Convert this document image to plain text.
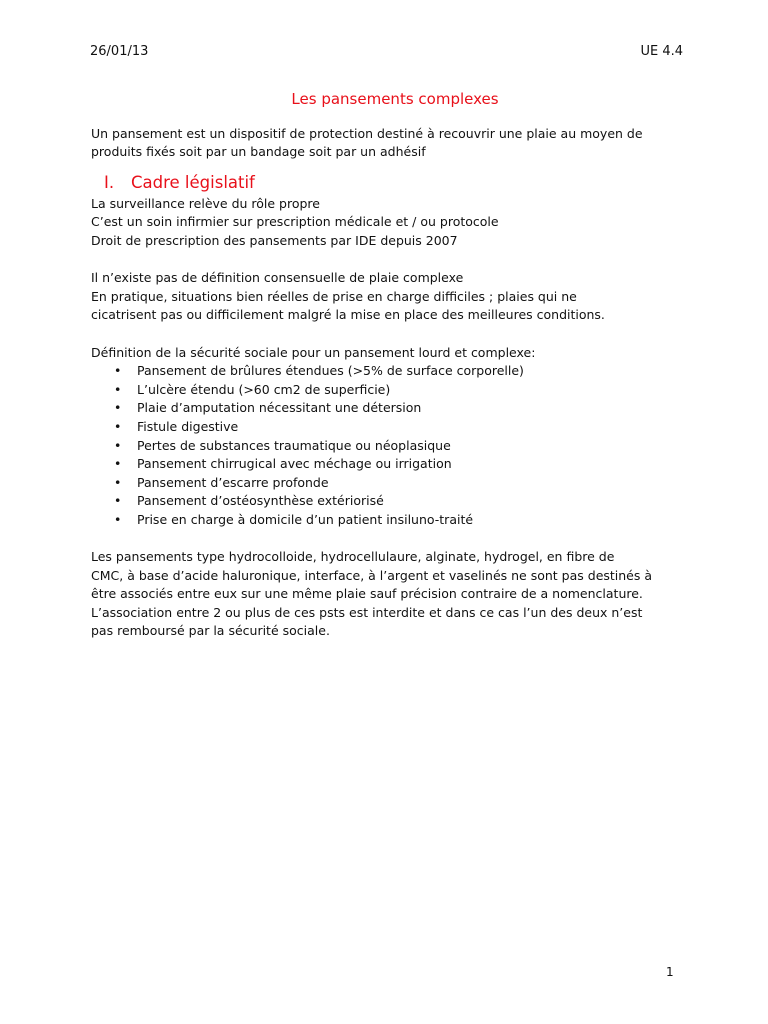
26/01/13	UE 4.4
Les pansements complexes

Un pansement est un dispositif de protection destiné à recouvrir une plaie au moyen de

produits fixés soit par un bandage soit par un adhésif

I.	Cadre législatif

La surveillance relève du rôle propre

C’est un soin infirmier sur prescription médicale et / ou protocole

Droit de prescription des pansements par IDE depuis 2007

Il n’existe pas de définition consensuelle de plaie complexe

En pratique, situations bien réelles de prise en charge difficiles ; plaies qui ne

cicatrisent pas ou difficilement malgré la mise en place des meilleures conditions.

Définition de la sécurité sociale pour un pansement lourd et complexe:

•	Pansement de brûlures étendues (>5% de surface corporelle)
•	L’ulcère étendu (>60 cm2 de superficie)
•	Plaie d’amputation nécessitant une détersion
•	Fistule digestive
•	Pertes de substances traumatique ou néoplasique
•	Pansement chirrugical avec méchage ou irrigation
•	Pansement d’escarre profonde
•	Pansement d’ostéosynthèse extériorisé
•	Prise en charge à domicile d’un patient insiluno-traité

Les pansements type hydrocolloide, hydrocellulaure, alginate, hydrogel, en fibre de

CMC, à base d’acide haluronique, interface, à l’argent et vaselinés ne sont pas destinés à

être associés entre eux sur une même plaie sauf précision contraire de a nomenclature.

L’association entre 2 ou plus de ces psts est interdite et dans ce cas l’un des deux n’est

pas remboursé par la sécurité sociale.

1
